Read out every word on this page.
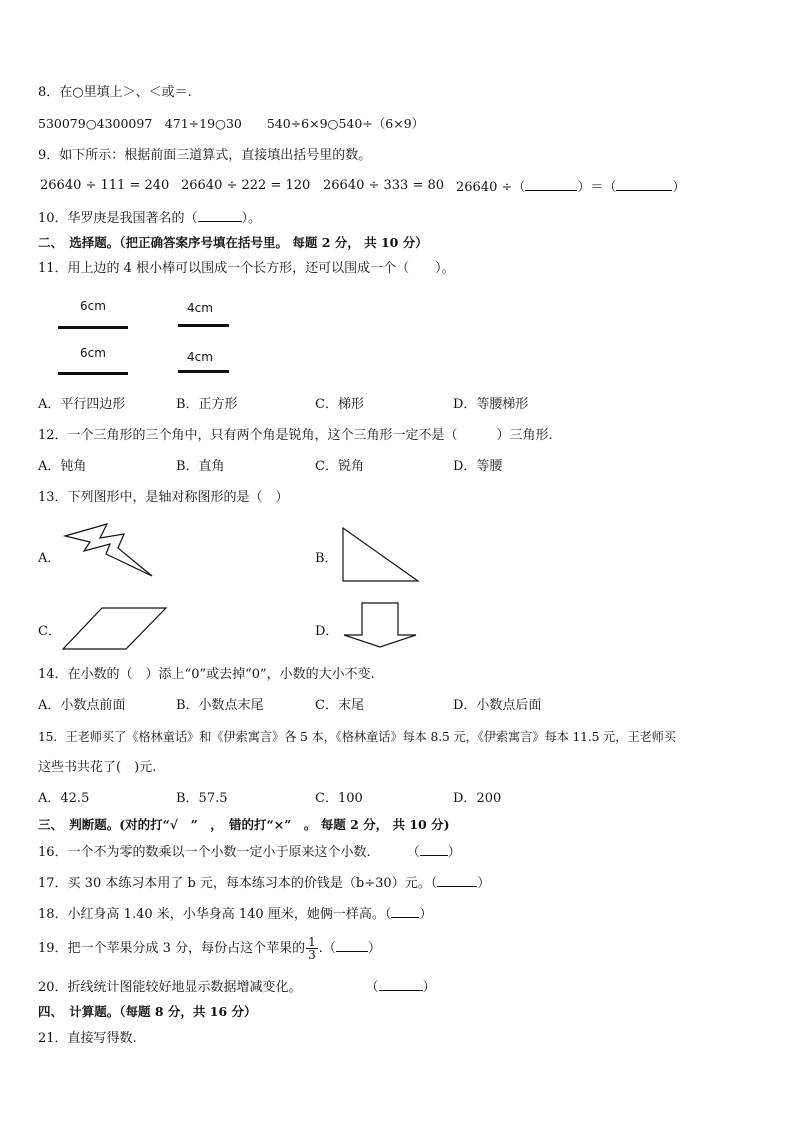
8．在○里填上＞、＜或＝.
530079○4300097　471÷19○30　　540÷6×9○540÷（6×9）
9．如下所示：根据前面三道算式，直接填出括号里的数。
26640 ÷ 111 = 240 26640 ÷ 222 = 120 26640 ÷ 333 = 80 26640 ÷（	）＝（	）
10．华罗庚是我国著名的（	）。
二、　选择题。（把正确答案序号填在括号里。 每题 2 分， 共 10 分）
11．用上边的 4 根小棒可以围成一个长方形，还可以围成一个（　　）。
6cm	4cm
6cm	4cm
A．平行四边形	B．正方形	C．梯形	D．等腰梯形
12．一个三角形的三个角中，只有两个角是锐角，这个三角形一定不是（　　　）三角形.
A．钝角	B．直角	C．锐角	D．等腰
13．下列图形中，是轴对称图形的是（　）
A．	B．
C．	D．
14．在小数的（　）添上“0”或去掉“0”，小数的大小不变.
A．小数点前面	B．小数点末尾	C．末尾	D．小数点后面
15．王老师买了《格林童话》和《伊索寓言》各 5 本，《格林童话》每本 8.5 元，《伊索寓言》每本 11.5 元，王老师买
这些书共花了(　)元.
A．42.5	B．57.5	C．100	D．200
三、　判断题。(对的打“√　”　，　错的打“×”　。 每题 2 分， 共 10 分)
16．一个不为零的数乘以一个小数一定小于原来这个小数.	（ ）
17．买 30 本练习本用了 b 元，每本练习本的价钱是（b÷30）元。（	）
18．小红身高 1.40 米，小华身高 140 厘米，她俩一样高。（ ）
19．把一个苹果分成 3 分，每份占这个苹果的 $\frac{1}{3}$ .（ ）
20．折线统计图能较好地显示数据增减变化。	（	）
四、　计算题。（每题 8 分，共 16 分）
21．直接写得数.
